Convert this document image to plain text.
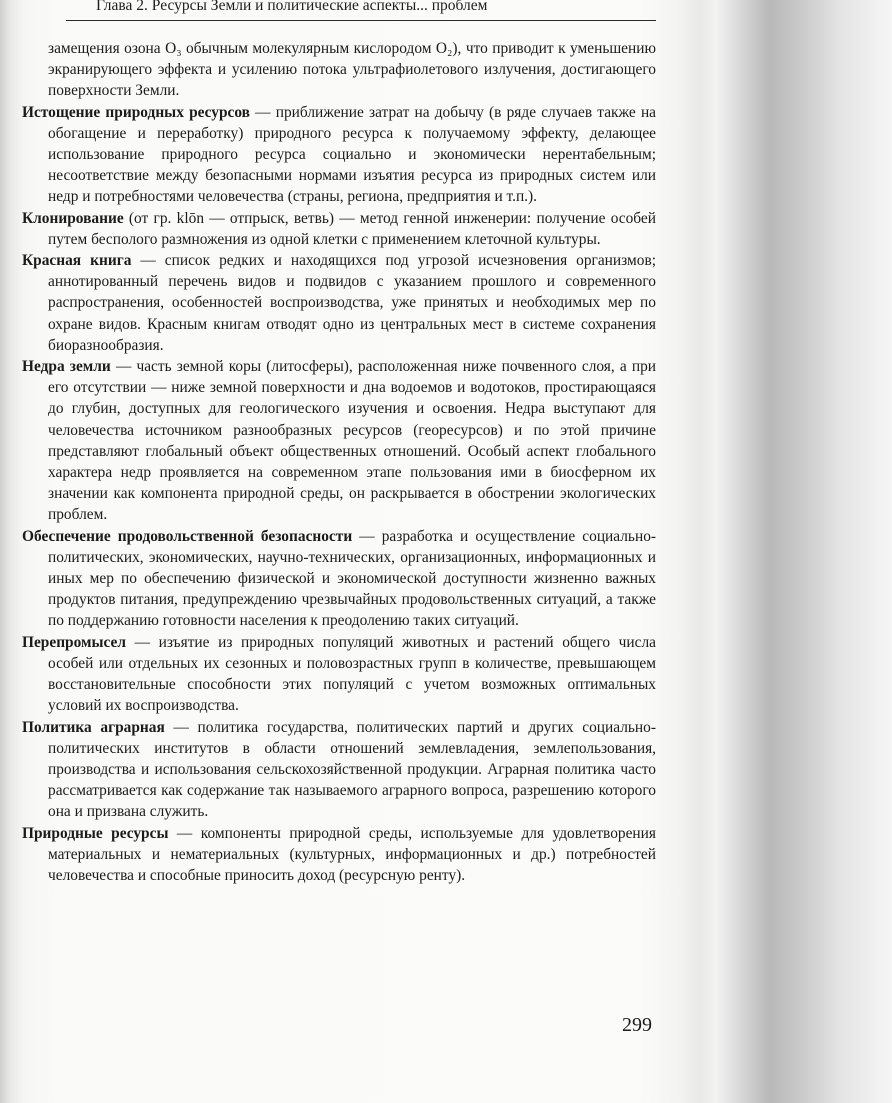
Глава 2. Ресурсы Земли и политические аспекты... проблем

замещения озона O₃ обычным молекулярным кислородом O₂), что приводит к уменьшению экранирующего эффекта и усилению потока ультрафиолетового излучения, достигающего поверхности Земли.

Истощение природных ресурсов — приближение затрат на добычу (в ряде случаев также на обогащение и переработку) природного ресурса к получаемому эффекту, делающее использование природного ресурса социально и экономически нерентабельным; несоответствие между безопасными нормами изъятия ресурса из природных систем или недр и потребностями человечества (страны, региона, предприятия и т.п.).

Клонирование (от гр. klōn — отпрыск, ветвь) — метод генной инженерии: получение особей путем бесполого размножения из одной клетки с применением клеточной культуры.

Красная книга — список редких и находящихся под угрозой исчезновения организмов; аннотированный перечень видов и подвидов с указанием прошлого и современного распространения, особенностей воспроизводства, уже принятых и необходимых мер по охране видов. Красным книгам отводят одно из центральных мест в системе сохранения биоразнообразия.

Недра земли — часть земной коры (литосферы), расположенная ниже почвенного слоя, а при его отсутствии — ниже земной поверхности и дна водоемов и водотоков, простирающаяся до глубин, доступных для геологического изучения и освоения. Недра выступают для человечества источником разнообразных ресурсов (георесурсов) и по этой причине представляют глобальный объект общественных отношений. Особый аспект глобального характера недр проявляется на современном этапе пользования ими в биосферном их значении как компонента природной среды, он раскрывается в обострении экологических проблем.

Обеспечение продовольственной безопасности — разработка и осуществление социально-политических, экономических, научно-технических, организационных, информационных и иных мер по обеспечению физической и экономической доступности жизненно важных продуктов питания, предупреждению чрезвычайных продовольственных ситуаций, а также по поддержанию готовности населения к преодолению таких ситуаций.

Перепромысел — изъятие из природных популяций животных и растений общего числа особей или отдельных их сезонных и половозрастных групп в количестве, превышающем восстановительные способности этих популяций с учетом возможных оптимальных условий их воспроизводства.

Политика аграрная — политика государства, политических партий и других социально-политических институтов в области отношений землевладения, землепользования, производства и использования сельскохозяйственной продукции. Аграрная политика часто рассматривается как содержание так называемого аграрного вопроса, разрешению которого она и призвана служить.

Природные ресурсы — компоненты природной среды, используемые для удовлетворения материальных и нематериальных (культурных, информационных и др.) потребностей человечества и способные приносить доход (ресурсную ренту).

299
